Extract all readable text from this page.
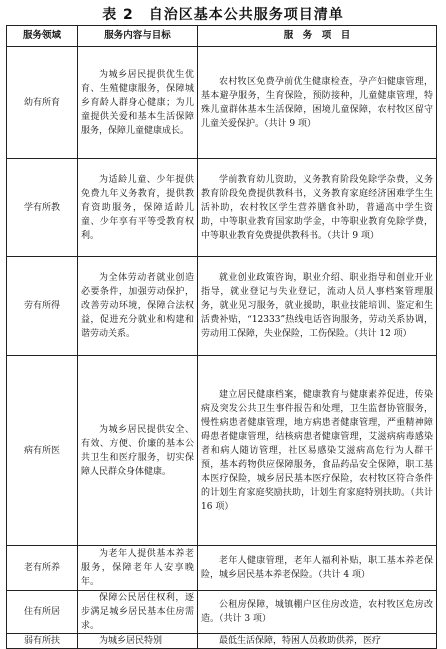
表 2　自治区基本公共服务项目清单
服务领域	服务内容与目标	服　务　项　目
幼有所育	为城乡居民提供优生优育、生殖健康服务，保障城乡育龄人群身心健康；为儿童提供关爱和基本生活保障服务，保障儿童健康成长。	农村牧区免费孕前优生健康检查，孕产妇健康管理，基本避孕服务，生育保险，预防接种，儿童健康管理，特殊儿童群体基本生活保障，困境儿童保障，农村牧区留守儿童关爱保护。（共计 9 项）
学有所教	为适龄儿童、少年提供免费九年义务教育，提供教育资助服务，保障适龄儿童、少年享有平等受教育权利。	学前教育幼儿资助，义务教育阶段免除学杂费，义务教育阶段免费提供教科书，义务教育家庭经济困难学生生活补助，农村牧区学生营养膳食补助，普通高中学生资助，中等职业教育国家助学金，中等职业教育免除学费，中等职业教育免费提供教科书。（共计 9 项）
劳有所得	为全体劳动者就业创造必要条件，加强劳动保护，改善劳动环境，保障合法权益，促进充分就业和构建和谐劳动关系。	就业创业政策咨询，职业介绍、职业指导和创业开业指导，就业登记与失业登记，流动人员人事档案管理服务，就业见习服务，就业援助，职业技能培训、鉴定和生活费补贴，“12333”热线电话咨询服务，劳动关系协调，劳动用工保障，失业保险，工伤保险。（共计 12 项）
病有所医	为城乡居民提供安全、有效、方便、价廉的基本公共卫生和医疗服务，切实保障人民群众身体健康。	建立居民健康档案，健康教育与健康素养促进，传染病及突发公共卫生事件报告和处理，卫生监督协管服务，慢性病患者健康管理，地方病患者健康管理，严重精神障碍患者健康管理，结核病患者健康管理，艾滋病病毒感染者和病人随访管理，社区易感染艾滋病高危行为人群干预，基本药物供应保障服务，食品药品安全保障，职工基本医疗保险，城乡居民基本医疗保险，农村牧区符合条件的计划生育家庭奖励扶助，计划生育家庭特别扶助。（共计 16 项）
老有所养	为老年人提供基本养老服务，保障老年人安享晚年。	老年人健康管理，老年人福利补贴，职工基本养老保险，城乡居民基本养老保险。（共计 4 项）
住有所居	保障公民居住权利，逐步满足城乡居民基本住房需求。	公租房保障，城镇棚户区住房改造，农村牧区危房改造。（共计 3 项）
弱有所扶	为城乡居民特别	最低生活保障，特困人员救助供养，医疗
